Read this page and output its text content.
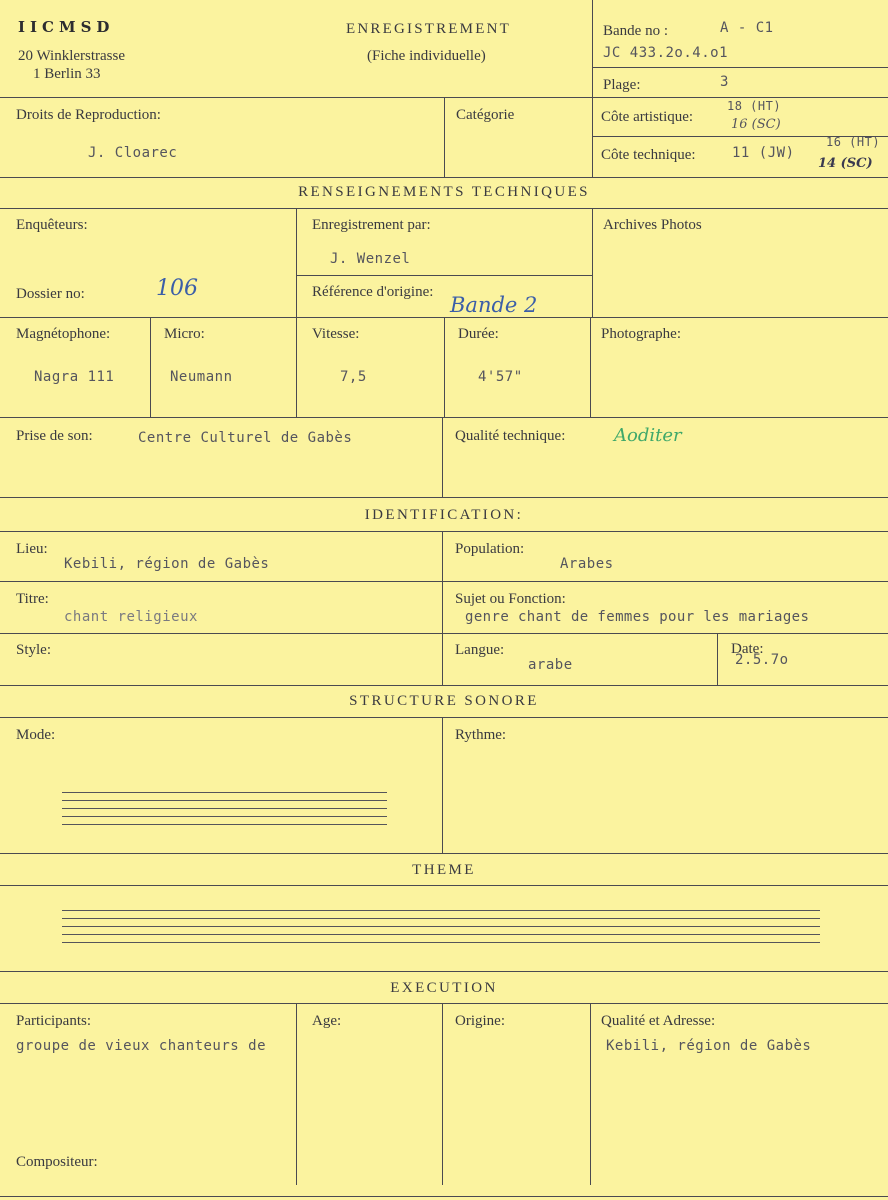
IICMSD
20 Winklerstrasse
1 Berlin 33
ENREGISTREMENT
(Fiche individuelle)
Bande no :	A - C1
JC 433.2o.4.o1
Plage:	3
Droits de Reproduction:
J. Cloarec
Catégorie	Côte artistique:
18 (HT)
16 (SC)
Côte technique:	11 (JW)
16 (HT)
14 (SC)
RENSEIGNEMENTS TECHNIQUES
Enquêteurs:	Enregistrement par:
J. Wenzel
Archives Photos
Dossier no:	106	Référence d'origine:
Bande 2
Magnétophone:
Nagra 111
Micro:
Neumann
Vitesse:
7,5
Durée:
4'57"
Photographe:
Prise de son:	Centre Culturel de Gabès	Qualité technique:	Aoditer
IDENTIFICATION:
Lieu:
Kebili, région de Gabès
Population:
Arabes
Titre:
chant religieux
Sujet ou Fonction:
genre chant de femmes pour les mariages
Style:	Langue:
arabe
Date:
2.5.7o
STRUCTURE SONORE
Mode:	Rythme:
THEME
EXECUTION
Participants:
groupe de vieux chanteurs de
Age:	Origine:	Qualité et Adresse:
Kebili, région de Gabès
Compositeur:
